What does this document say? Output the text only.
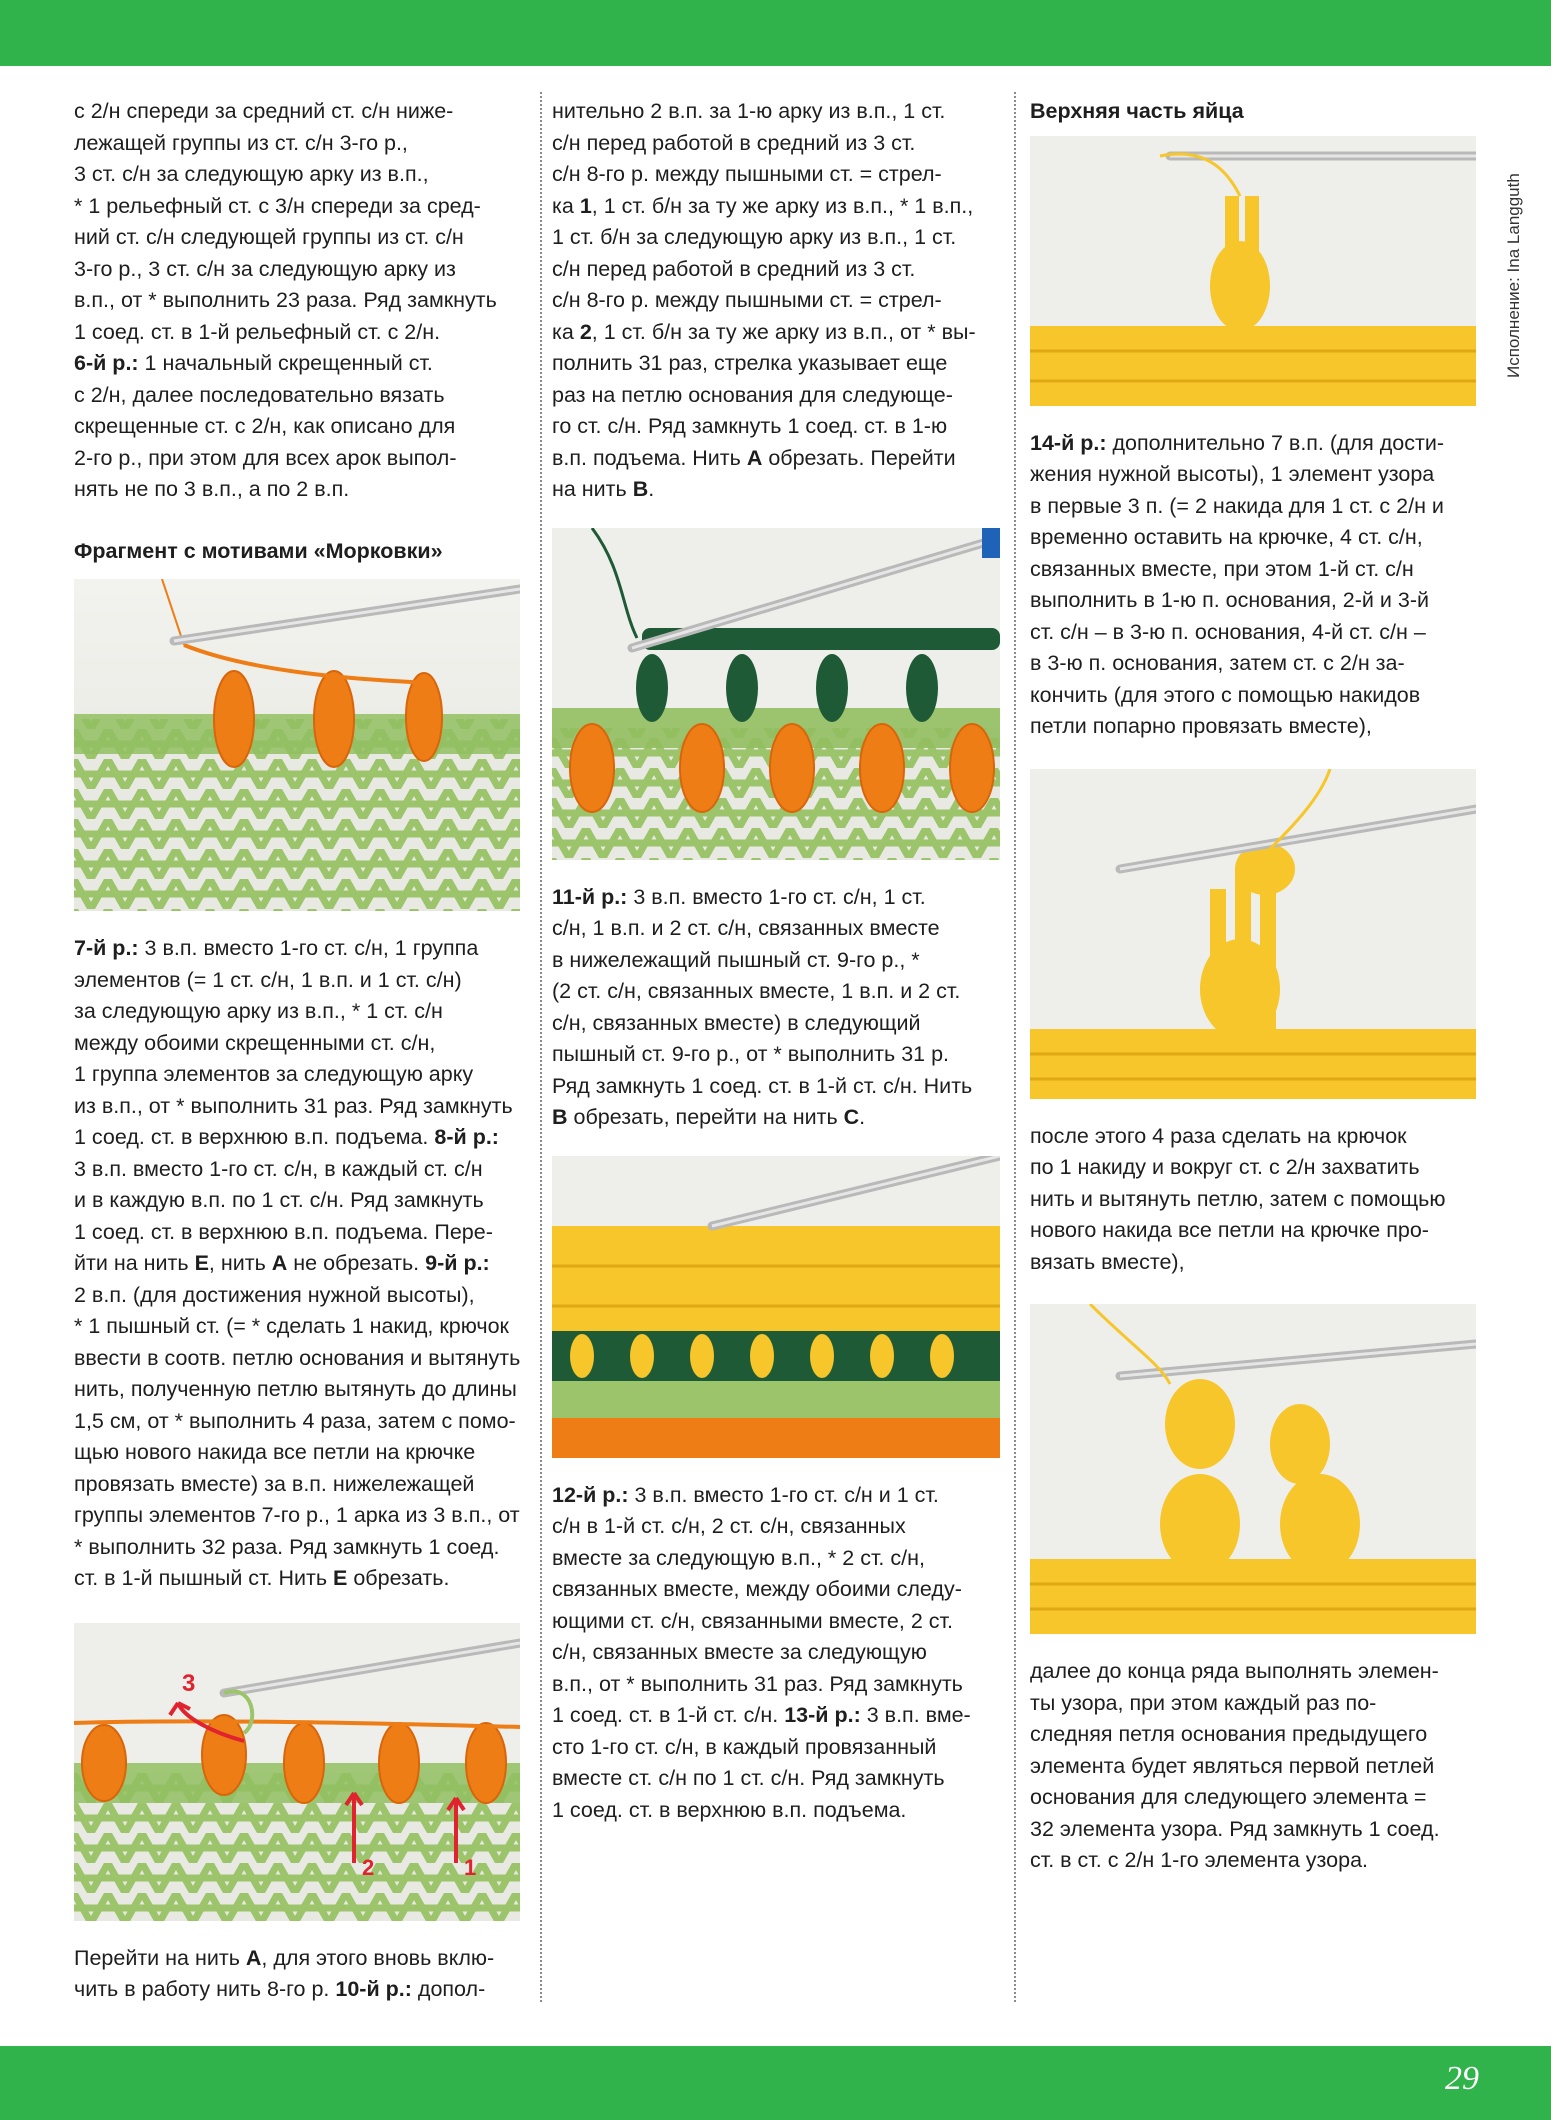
Исполнение: Ina Langguth

с 2/н спереди за средний ст. с/н ниже-
лежащей группы из ст. с/н 3-го р.,
3 ст. с/н за следующую арку из в.п.,
* 1 рельефный ст. с 3/н спереди за сред-
ний ст. с/н следующей группы из ст. с/н
3-го р., 3 ст. с/н за следующую арку из
в.п., от * выполнить 23 раза. Ряд замкнуть
1 соед. ст. в 1-й рельефный ст. с 2/н.

6-й р.: 1 начальный скрещенный ст.
с 2/н, далее последовательно вязать
скрещенные ст. с 2/н, как описано для
2-го р., при этом для всех арок выпол-
нять не по 3 в.п., а по 2 в.п.

Фрагмент с мотивами «Морковки»

7-й р.: 3 в.п. вместо 1-го ст. с/н, 1 группа
элементов (= 1 ст. с/н, 1 в.п. и 1 ст. с/н)
за следующую арку из в.п., * 1 ст. с/н
между обоими скрещенными ст. с/н,
1 группа элементов за следующую арку
из в.п., от * выполнить 31 раз. Ряд замкнуть
1 соед. ст. в верхнюю в.п. подъема. 8-й р.:
3 в.п. вместо 1-го ст. с/н, в каждый ст. с/н
и в каждую в.п. по 1 ст. с/н. Ряд замкнуть
1 соед. ст. в верхнюю в.п. подъема. Пере-
йти на нить E, нить A не обрезать. 9-й р.:
2 в.п. (для достижения нужной высоты),
* 1 пышный ст. (= * сделать 1 накид, крючок
ввести в соотв. петлю основания и вытянуть
нить, полученную петлю вытянуть до длины
1,5 см, от * выполнить 4 раза, затем с помо-
щью нового накида все петли на крючке
провязать вместе) за в.п. нижележащей
группы элементов 7-го р., 1 арка из 3 в.п., от
* выполнить 32 раза. Ряд замкнуть 1 соед.
ст. в 1-й пышный ст. Нить E обрезать.

3
2	1

Перейти на нить A, для этого вновь вклю-
чить в работу нить 8-го р. 10-й р.: допол-

нительно 2 в.п. за 1-ю арку из в.п., 1 ст.
с/н перед работой в средний из 3 ст.
с/н 8-го р. между пышными ст. = стрел-
ка 1, 1 ст. б/н за ту же арку из в.п., * 1 в.п.,
1 ст. б/н за следующую арку из в.п., 1 ст.
с/н перед работой в средний из 3 ст.
с/н 8-го р. между пышными ст. = стрел-
ка 2, 1 ст. б/н за ту же арку из в.п., от * вы-
полнить 31 раз, стрелка указывает еще
раз на петлю основания для следующе-
го ст. с/н. Ряд замкнуть 1 соед. ст. в 1-ю
в.п. подъема. Нить A обрезать. Перейти
на нить B.

11-й р.: 3 в.п. вместо 1-го ст. с/н, 1 ст.
с/н, 1 в.п. и 2 ст. с/н, связанных вместе
в нижележащий пышный ст. 9-го р., *
(2 ст. с/н, связанных вместе, 1 в.п. и 2 ст.
с/н, связанных вместе) в следующий
пышный ст. 9-го р., от * выполнить 31 р.
Ряд замкнуть 1 соед. ст. в 1-й ст. с/н. Нить
B обрезать, перейти на нить C.

12-й р.: 3 в.п. вместо 1-го ст. с/н и 1 ст.
с/н в 1-й ст. с/н, 2 ст. с/н, связанных
вместе за следующую в.п., * 2 ст. с/н,
связанных вместе, между обоими следу-
ющими ст. с/н, связанными вместе, 2 ст.
с/н, связанных вместе за следующую
в.п., от * выполнить 31 раз. Ряд замкнуть
1 соед. ст. в 1-й ст. с/н. 13-й р.: 3 в.п. вме-
сто 1-го ст. с/н, в каждый провязанный
вместе ст. с/н по 1 ст. с/н. Ряд замкнуть
1 соед. ст. в верхнюю в.п. подъема.

Верхняя часть яйца

14-й р.: дополнительно 7 в.п. (для дости-
жения нужной высоты), 1 элемент узора
в первые 3 п. (= 2 накида для 1 ст. с 2/н и
временно оставить на крючке, 4 ст. с/н,
связанных вместе, при этом 1-й ст. с/н
выполнить в 1-ю п. основания, 2-й и 3-й
ст. с/н – в 3-ю п. основания, 4-й ст. с/н –
в 3-ю п. основания, затем ст. с 2/н за-
кончить (для этого с помощью накидов
петли попарно провязать вместе),

после этого 4 раза сделать на крючок
по 1 накиду и вокруг ст. с 2/н захватить
нить и вытянуть петлю, затем с помощью
нового накида все петли на крючке про-
вязать вместе),

далее до конца ряда выполнять элемен-
ты узора, при этом каждый раз по-
следняя петля основания предыдущего
элемента будет являться первой петлей
основания для следующего элемента =
32 элемента узора. Ряд замкнуть 1 соед.
ст. в ст. с 2/н 1-го элемента узора.

29
